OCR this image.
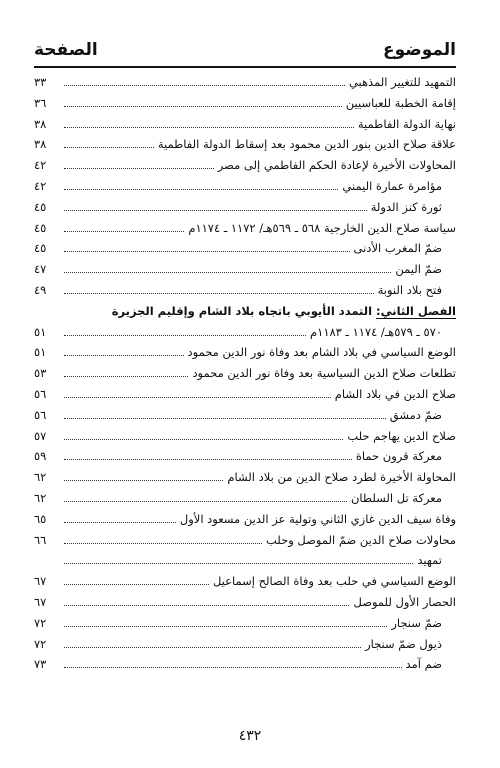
الموضوع
الصفحة
التمهيد للتغيير المذهبي
٣٣
إقامة الخطبة للعباسيين
٣٦
نهاية الدولة الفاطمية
٣٨
علاقة صلاح الدين بنور الدين محمود بعد إسقاط الدولة الفاطمية
٣٨
المحاولات الأخيرة لإعادة الحكم الفاطمي إلى مصر
٤٢
مؤامرة عمارة اليمني
٤٢
ثورة كنز الدولة
٤٥
سياسة صلاح الدين الخارجية ٥٦٨ ـ ٥٦٩هـ/ ١١٧٢ ـ ١١٧٤م
٤٥
ضمّ المغرب الأدنى
٤٥
ضمّ اليمن
٤٧
فتح بلاد النوبة
٤٩
الفصل الثاني: التمدد الأيوبي باتجاه بلاد الشام وإقليم الجزيرة
٥٧٠ ـ ٥٧٩هـ/ ١١٧٤ ـ ١١٨٣م
٥١
الوضع السياسي في بلاد الشام بعد وفاة نور الدين محمود
٥١
تطلعات صلاح الدين السياسية بعد وفاة نور الدين محمود
٥٣
صلاح الدين في بلاد الشام
٥٦
ضمّ دمشق
٥٦
صلاح الدين يهاجم حلب
٥٧
معركة قرون حماة
٥٩
المحاولة الأخيرة لطرد صلاح الدين من بلاد الشام
٦٢
معركة تل السلطان
٦٢
وفاة سيف الدين غازي الثاني وتولية عز الدين مسعود الأول
٦٥
محاولات صلاح الدين ضمّ الموصل وحلب
٦٦
تمهيد
الوضع السياسي في حلب بعد وفاة الصالح إسماعيل
٦٧
الحصار الأول للموصل
٦٧
ضمّ سنجار
٧٢
ذيول ضمّ سنجار
٧٢
ضم آمد
٧٣
٤٣٢
